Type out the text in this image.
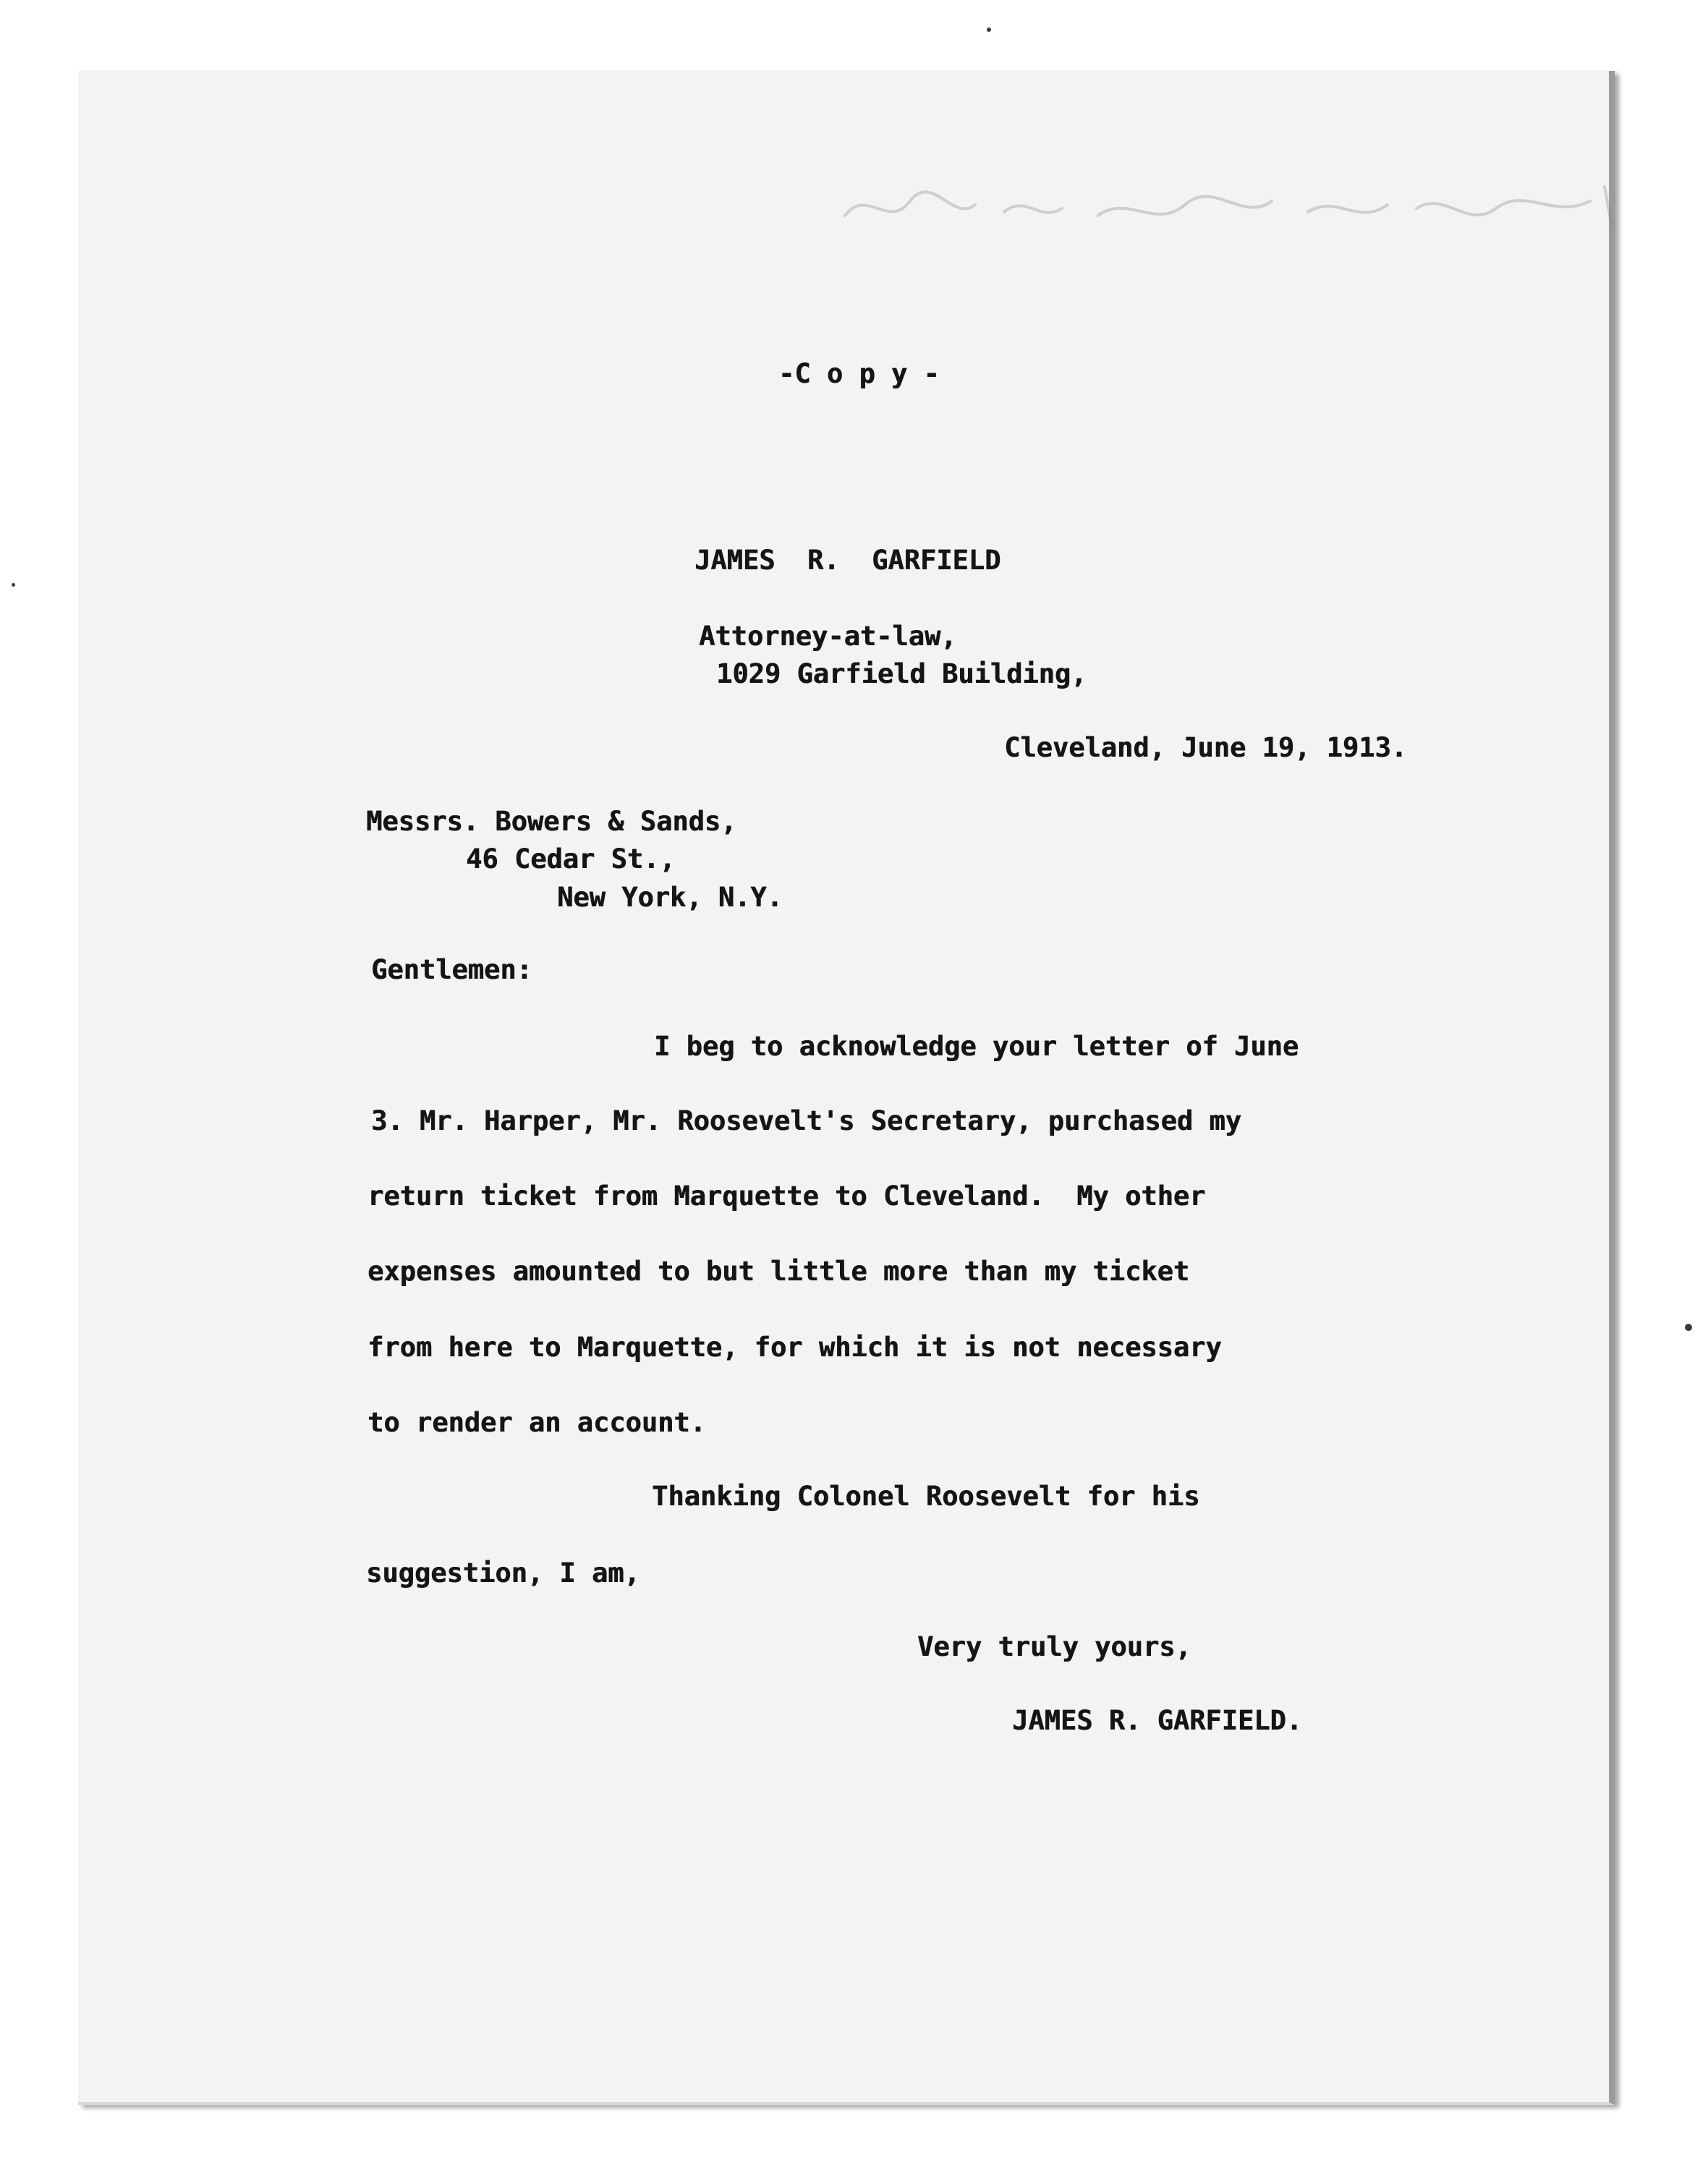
-C o p y -

JAMES  R.  GARFIELD

Attorney-at-law,

1029 Garfield Building,

Cleveland, June 19, 1913.

Messrs. Bowers & Sands,

46 Cedar St.,

New York, N.Y.

Gentlemen:

I beg to acknowledge your letter of June

3. Mr. Harper, Mr. Roosevelt's Secretary, purchased my

return ticket from Marquette to Cleveland.  My other

expenses amounted to but little more than my ticket

from here to Marquette, for which it is not necessary

to render an account.

Thanking Colonel Roosevelt for his

suggestion, I am,

Very truly yours,

JAMES R. GARFIELD.
